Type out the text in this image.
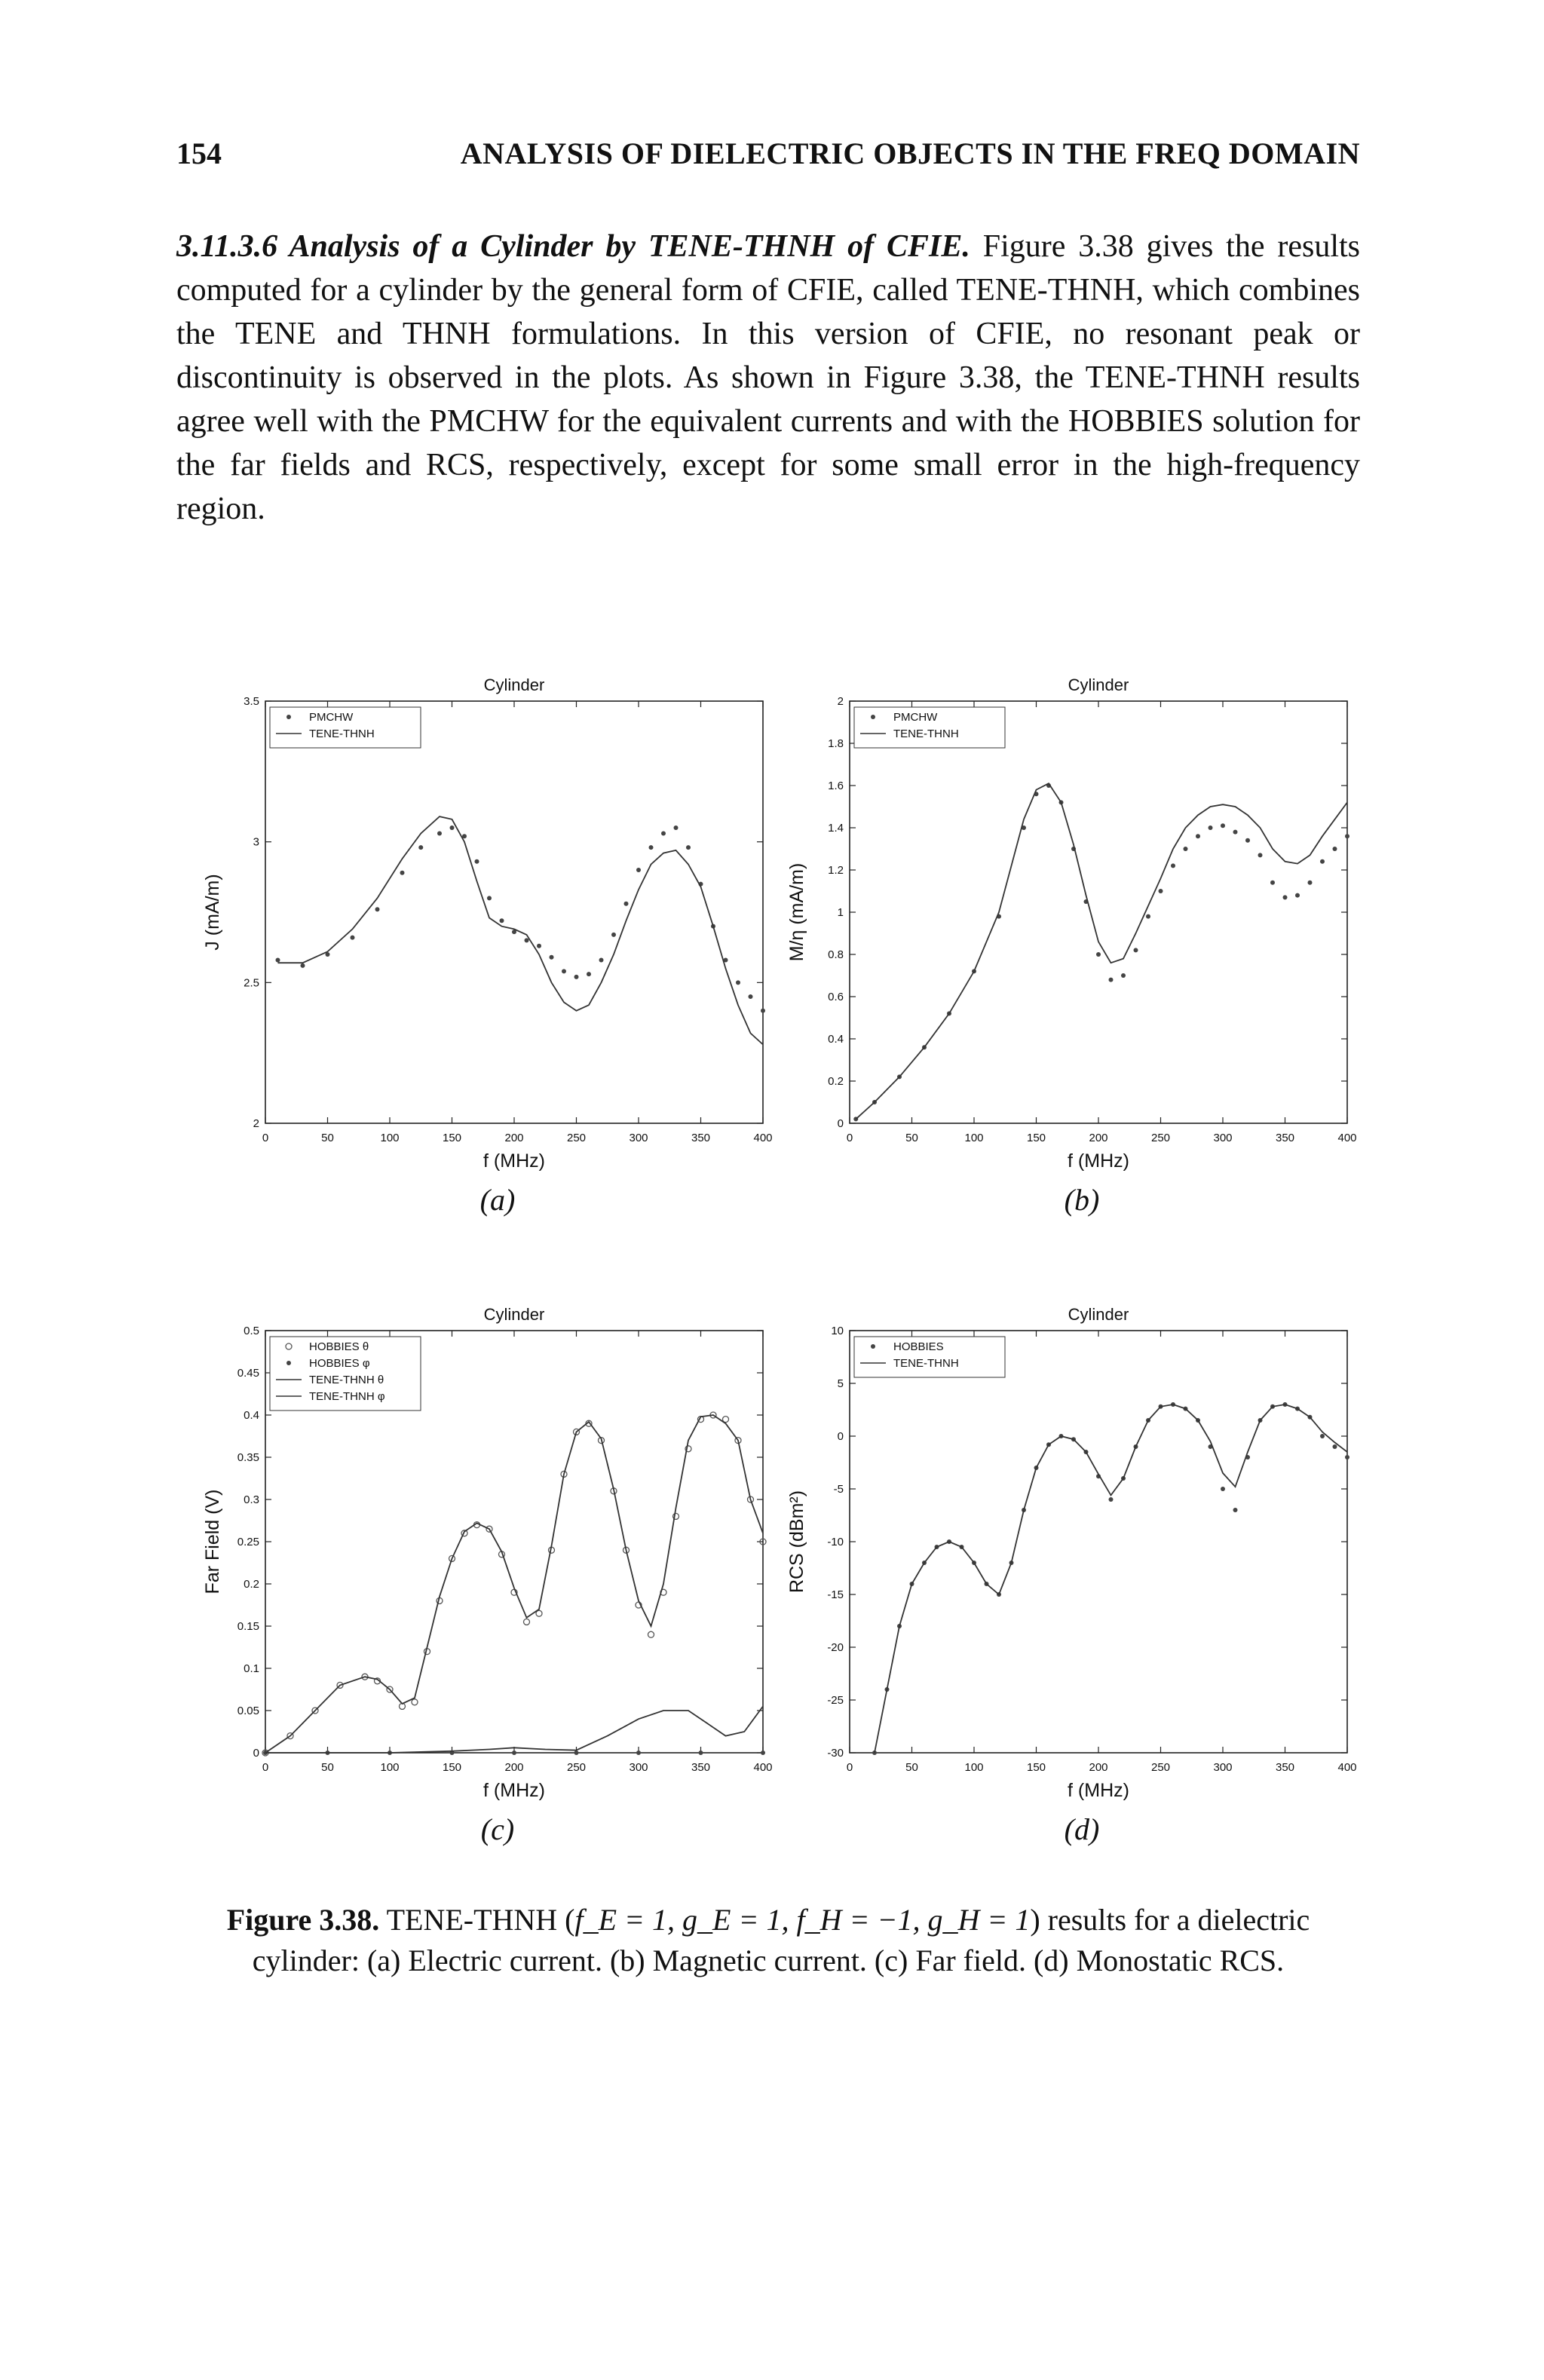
154	ANALYSIS OF DIELECTRIC OBJECTS IN THE FREQ DOMAIN

3.11.3.6 Analysis of a Cylinder by TENE-THNH of CFIE. Figure 3.38 gives the results computed for a cylinder by the general form of CFIE, called TENE-THNH, which combines the TENE and THNH formulations. In this version of CFIE, no resonant peak or discontinuity is observed in the plots. As shown in Figure 3.38, the TENE-THNH results agree well with the PMCHW for the equivalent currents and with the HOBBIES solution for the far fields and RCS, respectively, except for some small error in the high-frequency region.

Cylinder
0	50	100	150	200	250	300	350	400
2
2.5
3
3.5
f (MHz)
J (mA/m)
PMCHW
TENE-THNH
(a)
Cylinder
0	50	100	150	200	250	300	350	400
0
0.2
0.4
0.6
0.8
1
1.2
1.4
1.6
1.8
2
f (MHz)
M/η (mA/m)
PMCHW
TENE-THNH
(b)
Cylinder
0	50	100	150	200	250	300	350	400
0
0.05
0.1
0.15
0.2
0.25
0.3
0.35
0.4
0.45
0.5
f (MHz)
Far Field (V)
HOBBIES θ
HOBBIES φ
TENE-THNH θ
TENE-THNH φ
(c)
Cylinder
0	50	100	150	200	250	300	350	400
-30
-25
-20
-15
-10
-5
0
5
10
f (MHz)
RCS (dBm²)
HOBBIES
TENE-THNH
(d)

Figure 3.38. TENE-THNH (f_E = 1, g_E = 1, f_H = −1, g_H = 1) results for a dielectric cylinder: (a) Electric current. (b) Magnetic current. (c) Far field. (d) Monostatic RCS.
